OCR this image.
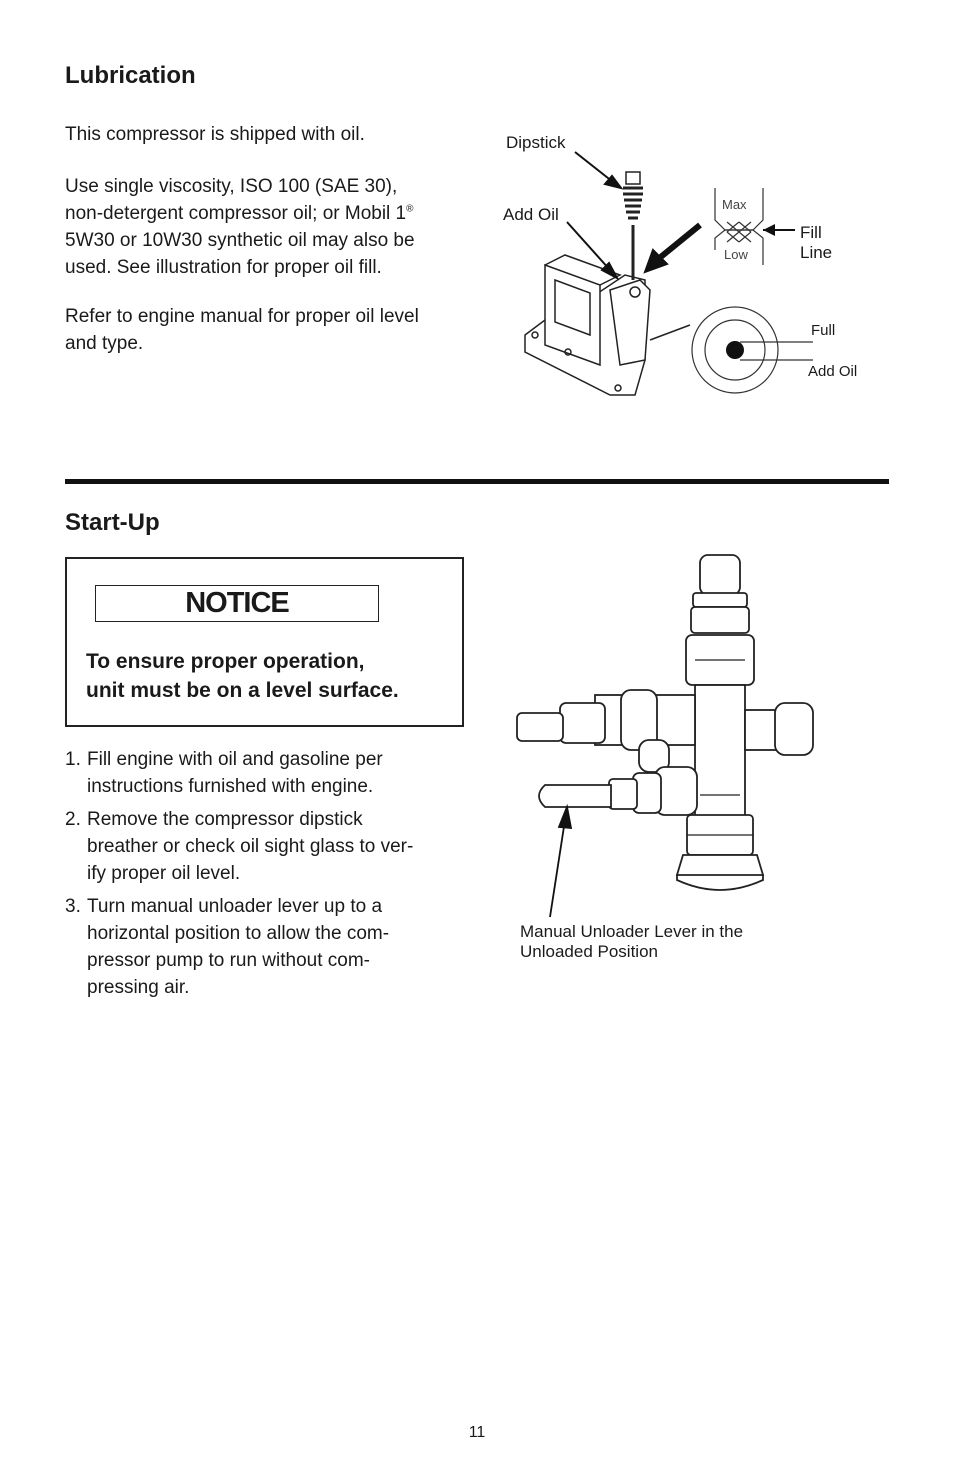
Lubrication

This compressor is shipped with oil.

Use single viscosity, ISO 100 (SAE 30),

non-detergent compressor oil; or Mobil 1®

5W30 or 10W30 synthetic oil may also be

used. See illustration for proper oil fill.

Refer to engine manual for proper oil level

and type.

Dipstick
Add Oil
Max
Low
Fill
Line
Full
Add Oil
Start-Up
NOTICE
To ensure proper operation,
unit must be on a level surface.
1. Fill engine with oil and gasoline per
instructions furnished with engine.
2. Remove the compressor dipstick
breather or check oil sight glass to ver-
ify proper oil level.
3. Turn manual unloader lever up to a
horizontal position to allow the com-
pressor pump to run without com-
pressing air.
Manual Unloader Lever in the
Unloaded Position
11
